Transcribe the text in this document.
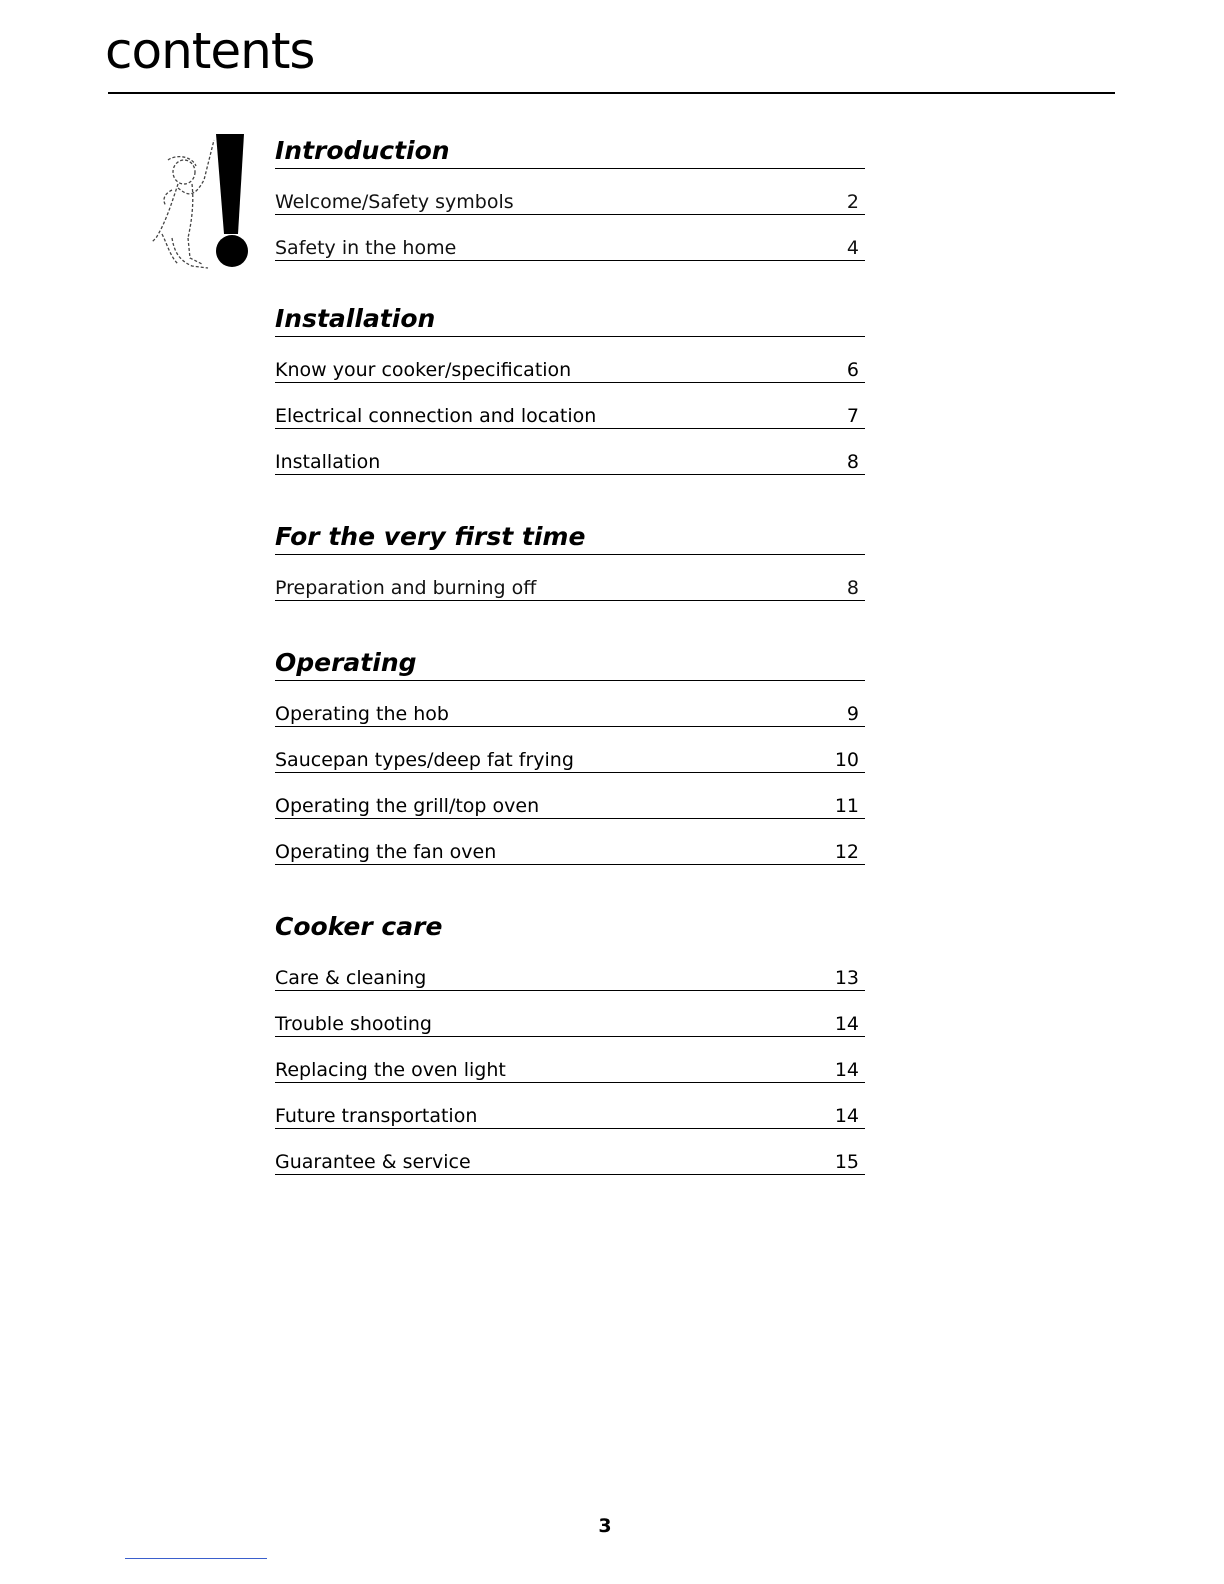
contents
Introduction
Welcome/Safety symbols	2
Safety in the home	4
Installation
Know your cooker/specification	6
Electrical connection and location	7
Installation	8
For the very first time
Preparation and burning off	8
Operating
Operating the hob	9
Saucepan types/deep fat frying	10
Operating the grill/top oven	11
Operating the fan oven	12
Cooker care
Care & cleaning	13
Trouble shooting	14
Replacing the oven light	14
Future transportation	14
Guarantee & service	15
3
